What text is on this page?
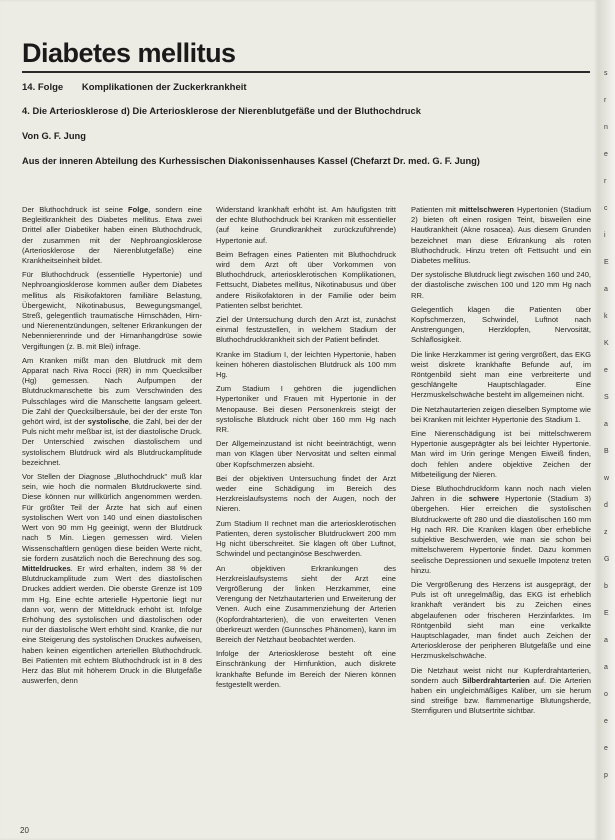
Diabetes mellitus
14. Folge Komplikationen der Zuckerkrankheit
4. Die Arteriosklerose d) Die Arteriosklerose der Nierenblutgefäße und der Bluthochdruck
Von G. F. Jung
Aus der inneren Abteilung des Kurhessischen Diakonissenhauses Kassel (Chefarzt Dr. med. G. F. Jung)

Der Bluthochdruck ist seine Folge, sondern eine Begleitkrankheit des Diabetes mellitus. Etwa zwei Drittel aller Diabetiker haben einen Bluthochdruck, der zusammen mit der Nephroangiosklerose (Arteriosklerose der Nierenblutgefäße) eine Krankheitseinheit bildet.

Für Bluthochdruck (essentielle Hypertonie) und Nephroangiosklerose kommen außer dem Diabetes mellitus als Risikofaktoren familiäre Belastung, Übergewicht, Nikotinabusus, Bewegungsmangel, Streß, gelegentlich traumatische Hirnschäden, Hirn- und Nierenentzündungen, seltener Erkrankungen der Nebennierenrinde und der Hirnanhangdrüse sowie Vergiftungen (z. B. mit Blei) infrage.

Am Kranken mißt man den Blutdruck mit dem Apparat nach Riva Rocci (RR) in mm Quecksilber (Hg) gemessen. Nach Aufpumpen der Blutdruckmanschette bis zum Verschwinden des Pulsschlages wird die Manschette langsam geleert. Die Zahl der Quecksilbersäule, bei der der erste Ton gehört wird, ist der systolische, die Zahl, bei der der Puls nicht mehr meßbar ist, ist der diastolische Druck. Der Unterschied zwischen diastolischem und systolischem Blutdruck wird als Blutdruckamplitude bezeichnet.

Vor Stellen der Diagnose „Bluthochdruck" muß klar sein, wie hoch die normalen Blutdruckwerte sind. Diese können nur willkürlich angenommen werden. Für größter Teil der Ärzte hat sich auf einen systolischen Wert von 140 und einen diastolischen Wert von 90 mm Hg geeinigt, wenn der Blutdruck nach 5 Min. Liegen gemessen wird. Vielen Wissenschaftlern genügen diese beiden Werte nicht, sie fordern zusätzlich noch die Berechnung des sog. Mitteldruckes. Er wird erhalten, indem 38 % der Blutdruckamplitude zum Wert des diastolischen Druckes addiert werden. Die oberste Grenze ist 109 mm Hg. Eine echte arterielle Hypertonie liegt nur dann vor, wenn der Mitteldruck erhöht ist. Infolge Erhöhung des systolischen und diastolischen oder nur der diastolische Wert erhöht sind. Kranke, die nur eine Steigerung des systolischen Druckes aufweisen, haben keinen eigentlichen arteriellen Bluthochdruck. Bei Patienten mit echtem Bluthochdruck ist in 8 des Herz das Blut mit höherem Druck in die Blutgefäße auswerfen, denn

Widerstand krankhaft erhöht ist. Am häufigsten tritt der echte Bluthochdruck bei Kranken mit essentieller (auf keine Grundkrankheit zurückzuführende) Hypertonie auf.

Beim Befragen eines Patienten mit Bluthochdruck wird dem Arzt oft über Vorkommen von Bluthochdruck, arteriosklerotischen Komplikationen, Fettsucht, Diabetes mellitus, Nikotinabusus und über andere Risikofaktoren in der Familie oder beim Patienten selbst berichtet.

Ziel der Untersuchung durch den Arzt ist, zunächst einmal festzustellen, in welchem Stadium der Bluthochdruckkrankheit sich der Patient befindet.

Kranke im Stadium I, der leichten Hypertonie, haben keinen höheren diastolischen Blutdruck als 100 mm Hg.

Zum Stadium I gehören die jugendlichen Hypertoniker und Frauen mit Hypertonie in der Menopause. Bei diesen Personenkreis steigt der systolische Blutdruck nicht über 160 mm Hg nach RR.

Der Allgemeinzustand ist nicht beeinträchtigt, wenn man von Klagen über Nervosität und selten einmal über Kopfschmerzen absieht.

Bei der objektiven Untersuchung findet der Arzt weder eine Schädigung im Bereich des Herzkreislaufsystems noch der Augen, noch der Nieren.

Zum Stadium II rechnet man die arteriosklerotischen Patienten, deren systolischer Blutdruckwert 200 mm Hg nicht überschreitet. Sie klagen oft über Luftnot, Schwindel und pectanginöse Beschwerden.

An objektiven Erkrankungen des Herzkreislaufsystems sieht der Arzt eine Vergrößerung der linken Herzkammer, eine Verengung der Netzhautarterien und Erweiterung der Venen. Auch eine Zusammenziehung der Arterien (Kopfordrahtarterien), die von erweiterten Venen überkreuzt werden (Gunnsches Phänomen), kann im Bereich der Netzhaut beobachtet werden.

Infolge der Arteriosklerose besteht oft eine Einschränkung der Hirnfunktion, auch diskrete krankhafte Befunde im Bereich der Nieren können festgestellt werden.

Patienten mit mittelschweren Hypertonien (Stadium 2) bieten oft einen rosigen Teint, bisweilen eine Hautkrankheit (Akne rosacea). Aus diesem Grunden bezeichnet man diese Erkrankung als roten Bluthochdruck. Hinzu treten oft Fettsucht und ein Diabetes mellitus.

Der systolische Blutdruck liegt zwischen 160 und 240, der diastolische zwischen 100 und 120 mm Hg nach RR.

Gelegentlich klagen die Patienten über Kopfschmerzen, Schwindel, Luftnot nach Anstrengungen, Herzklopfen, Nervosität, Schlaflosigkeit.

Die linke Herzkammer ist gering vergrößert, das EKG weist diskrete krankhafte Befunde auf, im Röntgenbild sieht man eine verbreiterte und geschlängelte Hauptschlagader. Eine Herzmuskelschwäche besteht im allgemeinen nicht.

Die Netzhautarterien zeigen dieselben Symptome wie bei Kranken mit leichter Hypertonie des Stadium 1.

Eine Nierenschädigung ist bei mittelschwerem Hypertonie ausgeprägter als bei leichter Hypertonie. Man wird im Urin geringe Mengen Eiweiß finden, doch fehlen andere objektive Zeichen der Mitbeteiligung der Nieren.

Diese Bluthochdruckform kann noch nach vielen Jahren in die schwere Hypertonie (Stadium 3) übergehen. Hier erreichen die systolischen Blutdruckwerte oft 280 und die diastolischen 160 mm Hg nach RR. Die Kranken klagen über erhebliche subjektive Beschwerden, wie man sie schon bei mittelschwerem Hypertonie findet. Dazu kommen seelische Depressionen und sexuelle Impotenz treten hinzu.

Die Vergrößerung des Herzens ist ausgeprägt, der Puls ist oft unregelmäßig, das EKG ist erheblich krankhaft verändert bis zu Zeichen eines abgelaufenen oder frischeren Herzinfarktes. Im Röntgenbild sieht man eine verkalkte Hauptschlagader, man findet auch Zeichen der Arteriosklerose der peripheren Blutgefäße und eine Herzmuskelschwäche.

Die Netzhaut weist nicht nur Kupferdrahtarterien, sondern auch Silberdrahtarterien auf. Die Arterien haben ein ungleichmäßiges Kaliber, um sie herum sind streifige bzw. flammenartige Blutungsherde, Sternfiguren und Blutsertrite sichtbar.

20
s
r
n
e
r
c
i
E
a
k
K
e
S
a
B
w
d
z
G
b
E
a
a
o
e
e
p
